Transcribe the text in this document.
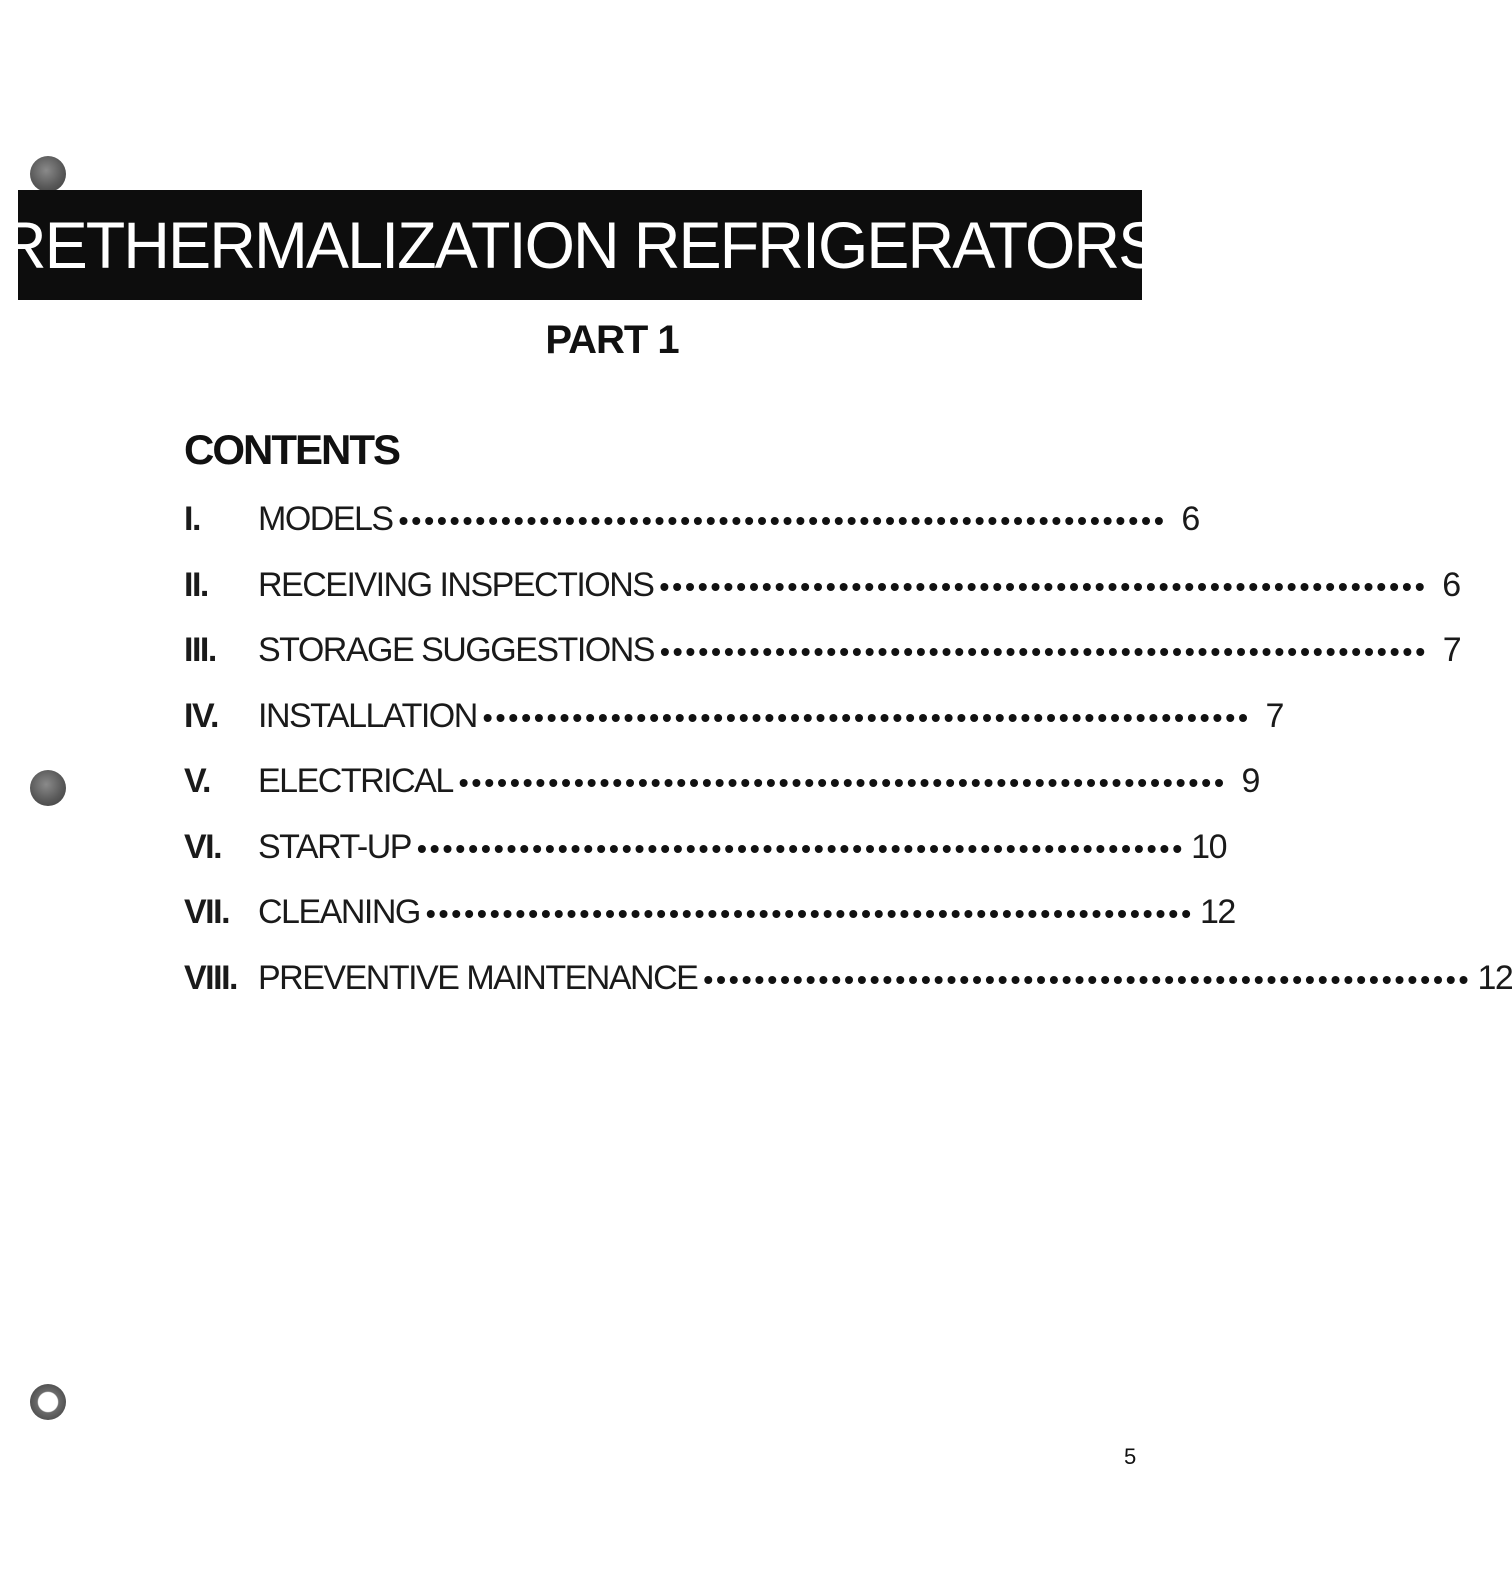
RETHERMALIZATION REFRIGERATORS
PART 1
CONTENTS
I.	MODELS •••••••••••••••••••••••••••••••••••••••••••••••••••••••••••• 6
II.	RECEIVING INSPECTIONS •••••••••••••••••••••••••••••••••••••••••••••••••••••••••••• 6
III.	STORAGE SUGGESTIONS •••••••••••••••••••••••••••••••••••••••••••••••••••••••••••• 7
IV.	INSTALLATION •••••••••••••••••••••••••••••••••••••••••••••••••••••••••••• 7
V.	ELECTRICAL •••••••••••••••••••••••••••••••••••••••••••••••••••••••••••• 9
VI.	START-UP •••••••••••••••••••••••••••••••••••••••••••••••••••••••••••• 10
VII. CLEANING •••••••••••••••••••••••••••••••••••••••••••••••••••••••••••• 12
VIII. PREVENTIVE MAINTENANCE •••••••••••••••••••••••••••••••••••••••••••••••••••••••••••• 12
5
